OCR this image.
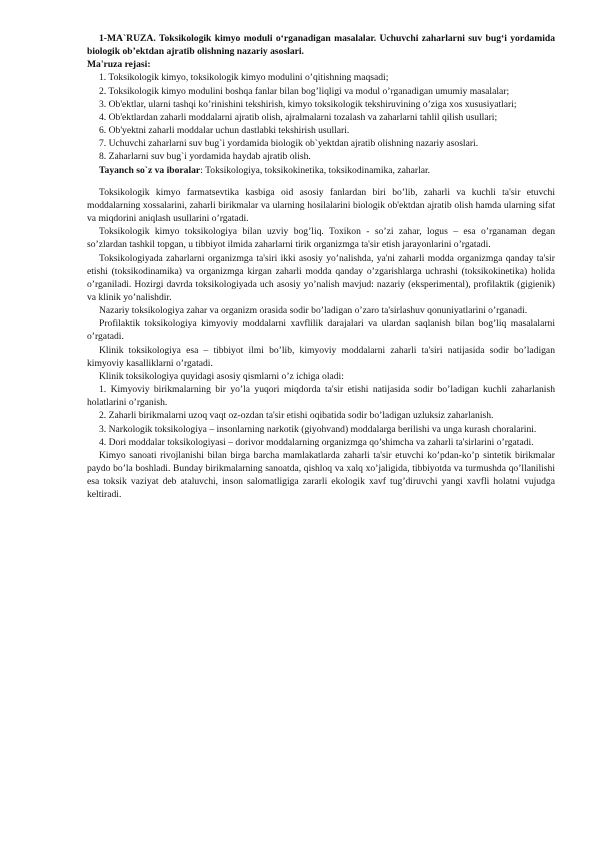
1-MA`RUZA. Toksikologik kimyo moduli o‘rganadigan masalalar. Uchuvchi zaharlarni suv bug‘i yordamida biologik ob’ektdan ajratib olishning nazariy asoslari.

Ma'ruza rejasi:

1. Toksikologik kimyo, toksikologik kimyo modulini o’qitishning maqsadi;

2. Toksikologik kimyo modulini boshqa fanlar bilan bog’liqligi va modul o’rganadigan umumiy masalalar;

3. Ob'ektlar, ularni tashqi ko’rinishini tekshirish, kimyo toksikologik tekshiruvining o’ziga xos xususiyatlari;

4. Ob'ektlardan zaharli moddalarni ajratib olish, ajralmalarni tozalash va zaharlarni tahlil qilish usullari;

6. Ob'yektni zaharli moddalar uchun dastlabki tekshirish usullari.

7. Uchuvchi zaharlarni suv bug`i yordamida biologik ob`yektdan ajratib olishning nazariy asoslari.

8. Zaharlarni suv bug`i yordamida haydab ajratib olish.

Tayanch so`z va iboralar: Toksikologiya, toksikokinetika, toksikodinamika, zaharlar.

Toksikologik kimyo farmatsevtika kasbiga oid asosiy fanlardan biri bo’lib, zaharli va kuchli ta'sir etuvchi moddalarning xossalarini, zaharli birikmalar va ularning hosilalarini biologik ob'ektdan ajratib olish hamda ularning sifat va miqdorini aniqlash usullarini o’rgatadi.

Toksikologik kimyo toksikologiya bilan uzviy bog’liq. Toxikon - so’zi zahar, logus – esa o’rganaman degan so’zlardan tashkil topgan, u tibbiyot ilmida zaharlarni tirik organizmga ta'sir etish jarayonlarini o’rgatadi.

Toksikologiyada zaharlarni organizmga ta'siri ikki asosiy yo’nalishda, ya'ni zaharli modda organizmga qanday ta'sir etishi (toksikodinamika) va organizmga kirgan zaharli modda qanday o’zgarishlarga uchrashi (toksikokinetika) holida o’rganiladi. Hozirgi davrda toksikologiyada uch asosiy yo’nalish mavjud: nazariy (eksperimental), profilaktik (gigienik) va klinik yo’nalishdir.

Nazariy toksikologiya zahar va organizm orasida sodir bo’ladigan o’zaro ta'sirlashuv qonuniyatlarini o’rganadi.

Profilaktik toksikologiya kimyoviy moddalarni xavflilik darajalari va ulardan saqlanish bilan bog’liq masalalarni o’rgatadi.

Klinik toksikologiya esa – tibbiyot ilmi bo’lib, kimyoviy moddalarni zaharli ta'siri natijasida sodir bo’ladigan kimyoviy kasalliklarni o’rgatadi.

Klinik toksikologiya quyidagi asosiy qismlarni o’z ichiga oladi:

1. Kimyoviy birikmalarning bir yo’la yuqori miqdorda ta'sir etishi natijasida sodir bo’ladigan kuchli zaharlanish holatlarini o’rganish.

2. Zaharli birikmalarni uzoq vaqt oz-ozdan ta'sir etishi oqibatida sodir bo’ladigan uzluksiz zaharlanish.

3. Narkologik toksikologiya – insonlarning narkotik (giyohvand) moddalarga berilishi va unga kurash choralarini.

4. Dori moddalar toksikologiyasi – dorivor moddalarning organizmga qo’shimcha va zaharli ta'sirlarini o’rgatadi.

Kimyo sanoati rivojlanishi bilan birga barcha mamlakatlarda zaharli ta'sir etuvchi ko’pdan-ko’p sintetik birikmalar paydo bo’la boshladi. Bunday birikmalarning sanoatda, qishloq va xalq xo’jaligida, tibbiyotda va turmushda qo’llanilishi esa toksik vaziyat deb ataluvchi, inson salomatligiga zararli ekologik xavf tug’diruvchi yangi xavfli holatni vujudga keltiradi.
